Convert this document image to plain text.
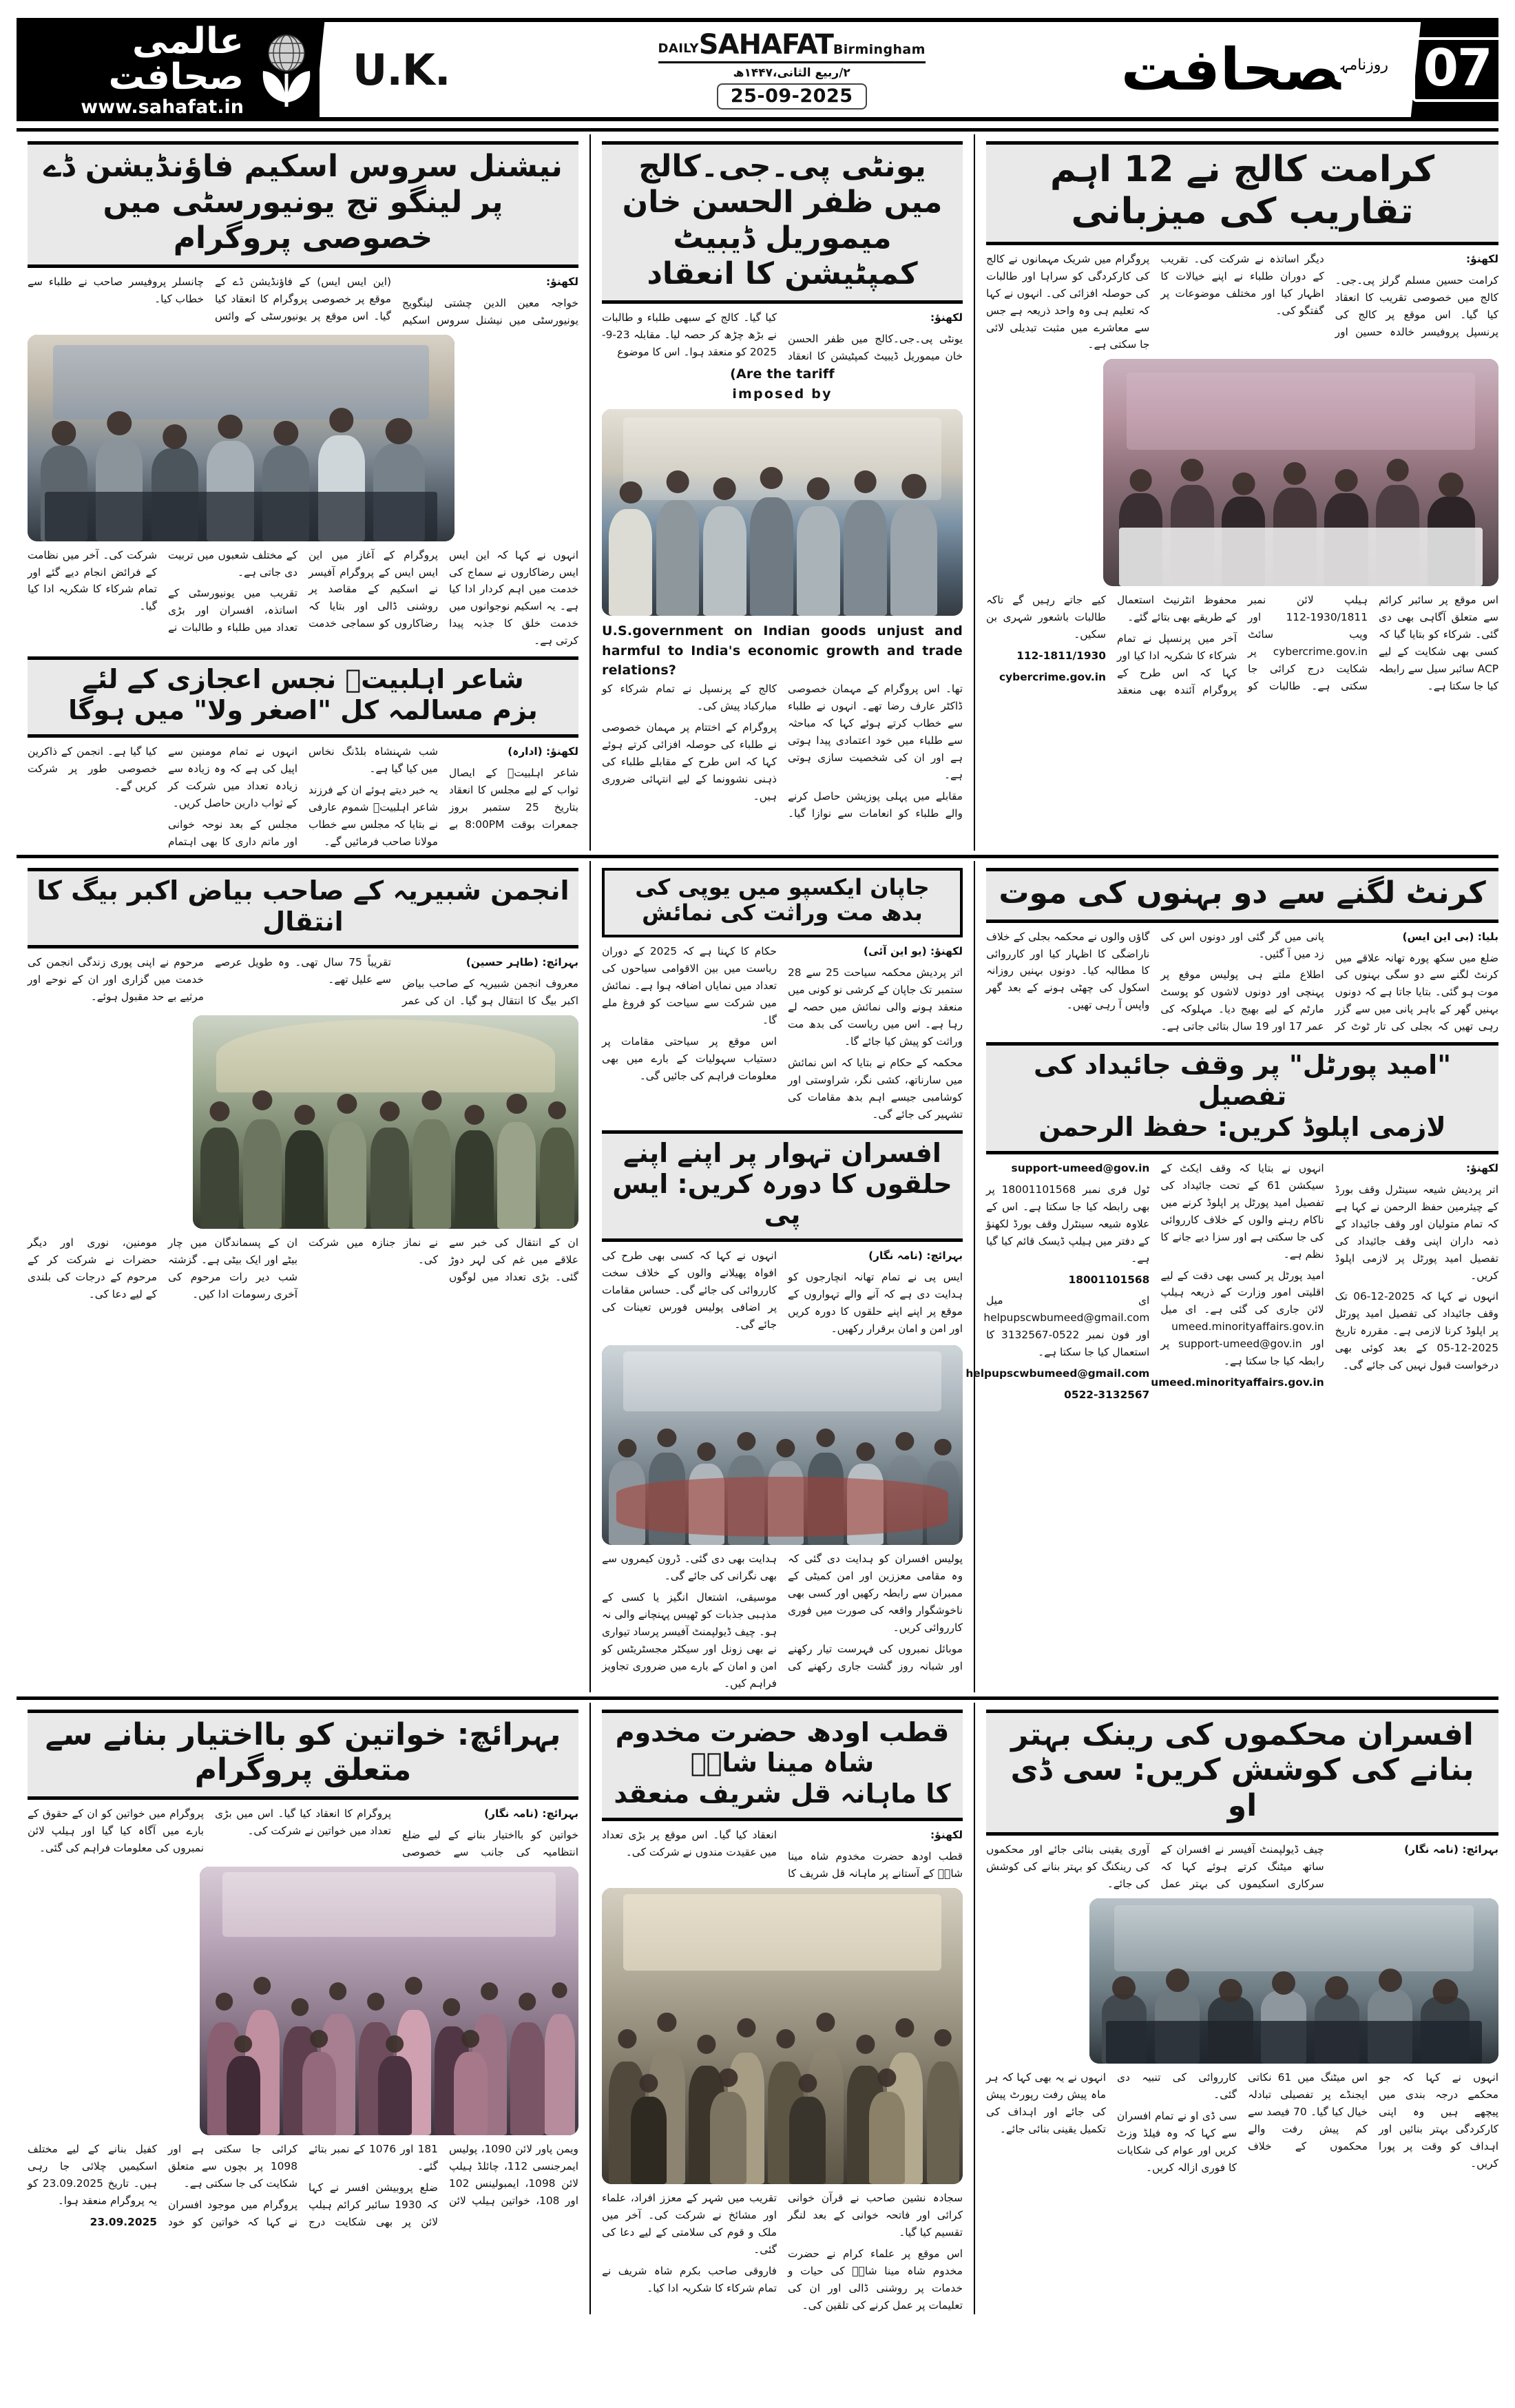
07
$^{روزنامہ}$صحافت
DAILYSAHAFATBirmingham
۲/ربیع الثانی،۱۴۴۷ھ
25-09-2025
U.K.
عالمی صحافت
www.sahafat.in
کرامت کالج نے 12 اہم تقاریب کی میزبانی

لکھنؤ:

کرامت حسین مسلم گرلز پی۔جی۔کالج میں خصوصی تقریب کا انعقاد کیا گیا۔ اس موقع پر کالج کی پرنسپل پروفیسر خالدہ حسین اور دیگر اساتذہ نے شرکت کی۔ تقریب کے دوران طلباء نے اپنے خیالات کا اظہار کیا اور مختلف موضوعات پر گفتگو کی۔

پروگرام میں شریک مہمانوں نے کالج کی کارکردگی کو سراہا اور طالبات کی حوصلہ افزائی کی۔ انہوں نے کہا کہ تعلیم ہی وہ واحد ذریعہ ہے جس سے معاشرے میں مثبت تبدیلی لائی جا سکتی ہے۔

اس موقع پر سائبر کرائم سے متعلق آگاہی بھی دی گئی۔ شرکاء کو بتایا گیا کہ کسی بھی شکایت کے لیے ACP سائبر سیل سے رابطہ کیا جا سکتا ہے۔

ہیلپ لائن نمبر 1930/1811-112 اور ویب سائٹ cybercrime.gov.in پر شکایت درج کرائی جا سکتی ہے۔ طالبات کو محفوظ انٹرنیٹ استعمال کے طریقے بھی بتائے گئے۔

آخر میں پرنسپل نے تمام شرکاء کا شکریہ ادا کیا اور کہا کہ اس طرح کے پروگرام آئندہ بھی منعقد کیے جاتے رہیں گے تاکہ طالبات باشعور شہری بن سکیں۔

112-1811/1930

cybercrime.gov.in

یونٹی پی۔جی۔کالج میں ظفر الحسن خان میموریل ڈیبیٹ کمپٹیشن کا انعقاد

لکھنؤ:

یونٹی پی۔جی۔کالج میں ظفر الحسن خان میموریل ڈیبیٹ کمپٹیشن کا انعقاد کیا گیا۔ کالج کے سبھی طلباء و طالبات نے بڑھ چڑھ کر حصہ لیا۔ مقابلہ 23-9-2025 کو منعقد ہوا۔ اس کا موضوع

(Are the tariff
imposed by
U.S.government on Indian goods unjust and harmful to India's economic growth and trade relations?

تھا۔ اس پروگرام کے مہمان خصوصی ڈاکٹر عارف رضا تھے۔ انہوں نے طلباء سے خطاب کرتے ہوئے کہا کہ مباحثہ سے طلباء میں خود اعتمادی پیدا ہوتی ہے اور ان کی شخصیت سازی ہوتی ہے۔

مقابلے میں پہلی پوزیشن حاصل کرنے والے طلباء کو انعامات سے نوازا گیا۔ کالج کے پرنسپل نے تمام شرکاء کو مبارکباد پیش کی۔

پروگرام کے اختتام پر مہمان خصوصی نے طلباء کی حوصلہ افزائی کرتے ہوئے کہا کہ اس طرح کے مقابلے طلباء کی ذہنی نشوونما کے لیے انتہائی ضروری ہیں۔

نیشنل سروس اسکیم فاؤنڈیشن ڈے پر لینگو تج یونیورسٹی میں خصوصی پروگرام

لکھنؤ:

خواجہ معین الدین چشتی لینگویج یونیورسٹی میں نیشنل سروس اسکیم (این ایس ایس) کے فاؤنڈیشن ڈے کے موقع پر خصوصی پروگرام کا انعقاد کیا گیا۔ اس موقع پر یونیورسٹی کے وائس چانسلر پروفیسر صاحب نے طلباء سے خطاب کیا۔

انہوں نے کہا کہ این ایس ایس رضاکاروں نے سماج کی خدمت میں اہم کردار ادا کیا ہے۔ یہ اسکیم نوجوانوں میں خدمت خلق کا جذبہ پیدا کرتی ہے۔

پروگرام کے آغاز میں این ایس ایس کے پروگرام آفیسر نے اسکیم کے مقاصد پر روشنی ڈالی اور بتایا کہ رضاکاروں کو سماجی خدمت کے مختلف شعبوں میں تربیت دی جاتی ہے۔

تقریب میں یونیورسٹی کے اساتذہ، افسران اور بڑی تعداد میں طلباء و طالبات نے شرکت کی۔ آخر میں نظامت کے فرائض انجام دیے گئے اور تمام شرکاء کا شکریہ ادا کیا گیا۔

شاعر اہلبیتؑ نجس اعجازی کے لئے
بزم مسالمہ کل "اصغر ولا" میں ہوگا

لکھنؤ: (ادارہ)

شاعر اہلبیتؑ کے ایصال ثواب کے لیے مجلس کا انعقاد بتاریخ 25 ستمبر بروز جمعرات بوقت 8:00PM بے شب شہنشاہ بلڈنگ نخاس میں کیا گیا ہے۔

یہ خبر دیتے ہوئے ان کے فرزند شاعر اہلبیتؑ شموم عارفی نے بتایا کہ مجلس سے خطاب مولانا صاحب فرمائیں گے۔

انہوں نے تمام مومنین سے اپیل کی ہے کہ وہ زیادہ سے زیادہ تعداد میں شرکت کر کے ثواب دارین حاصل کریں۔

مجلس کے بعد نوحہ خوانی اور ماتم داری کا بھی اہتمام کیا گیا ہے۔ انجمن کے ذاکرین خصوصی طور پر شرکت کریں گے۔

کرنٹ لگنے سے دو بہنوں کی موت

بلیا: (بی این ایس)

ضلع میں سکھ پورہ تھانہ علاقے میں کرنٹ لگنے سے دو سگی بہنوں کی موت ہو گئی۔ بتایا جاتا ہے کہ دونوں بہنیں گھر کے باہر پانی میں سے گزر رہی تھیں کہ بجلی کی تار ٹوٹ کر پانی میں گر گئی اور دونوں اس کی زد میں آ گئیں۔

اطلاع ملتے ہی پولیس موقع پر پہنچی اور دونوں لاشوں کو پوسٹ مارٹم کے لیے بھیج دیا۔ مہلوکہ کی عمر 17 اور 19 سال بتائی جاتی ہے۔

گاؤں والوں نے محکمہ بجلی کے خلاف ناراضگی کا اظہار کیا اور کارروائی کا مطالبہ کیا۔ دونوں بہنیں روزانہ اسکول کی چھٹی ہونے کے بعد گھر واپس آ رہی تھیں۔

"امید پورٹل" پر وقف جائیداد کی تفصیل
لازمی اپلوڈ کریں: حفظ الرحمن

لکھنؤ:

اتر پردیش شیعہ سینٹرل وقف بورڈ کے چیئرمین حفظ الرحمن نے کہا ہے کہ تمام متولیان اور وقف جائیداد کے ذمہ داران اپنی وقف جائیداد کی تفصیل امید پورٹل پر لازمی اپلوڈ کریں۔

انہوں نے کہا کہ 2025-12-06 تک وقف جائیداد کی تفصیل امید پورٹل پر اپلوڈ کرنا لازمی ہے۔ مقررہ تاریخ 2025-12-05 کے بعد کوئی بھی درخواست قبول نہیں کی جائے گی۔

انہوں نے بتایا کہ وقف ایکٹ کے سیکشن 61 کے تحت جائیداد کی تفصیل امید پورٹل پر اپلوڈ کرنے میں ناکام رہنے والوں کے خلاف کارروائی کی جا سکتی ہے اور سزا دیے جانے کا نظم ہے۔

امید پورٹل پر کسی بھی دقت کے لیے اقلیتی امور وزارت کے ذریعہ ہیلپ لائن جاری کی گئی ہے۔ ای میل umeed.minorityaffairs.gov.in اور support-umeed@gov.in پر رابطہ کیا جا سکتا ہے۔

umeed.minorityaffairs.gov.in

support-umeed@gov.in

ٹول فری نمبر 18001101568 پر بھی رابطہ کیا جا سکتا ہے۔ اس کے علاوہ شیعہ سینٹرل وقف بورڈ لکھنؤ کے دفتر میں ہیلپ ڈیسک قائم کیا گیا ہے۔

18001101568

ای میل helpupscwbumeed@gmail.com اور فون نمبر 0522-3132567 کا استعمال کیا جا سکتا ہے۔

helpupscwbumeed@gmail.com

0522-3132567

جاپان ایکسپو میں یوپی کی بدھ مت وراثت کی نمائش

لکھنؤ: (یو این آئی)

اتر پردیش محکمہ سیاحت 25 سے 28 ستمبر تک جاپان کے کرشی نو کونی میں منعقد ہونے والی نمائش میں حصہ لے رہا ہے۔ اس میں ریاست کی بدھ مت وراثت کو پیش کیا جائے گا۔

محکمہ کے حکام نے بتایا کہ اس نمائش میں سارناتھ، کشی نگر، شراوستی اور کوشامبی جیسے اہم بدھ مقامات کی تشہیر کی جائے گی۔

حکام کا کہنا ہے کہ 2025 کے دوران ریاست میں بین الاقوامی سیاحوں کی تعداد میں نمایاں اضافہ ہوا ہے۔ نمائش میں شرکت سے سیاحت کو فروغ ملے گا۔

اس موقع پر سیاحتی مقامات پر دستیاب سہولیات کے بارے میں بھی معلومات فراہم کی جائیں گی۔

افسران تہوار پر اپنے اپنے حلقوں کا دورہ کریں: ایس پی

بہرائچ: (نامہ نگار)

ایس پی نے تمام تھانہ انچارجوں کو ہدایت دی ہے کہ آنے والے تہواروں کے موقع پر اپنے اپنے حلقوں کا دورہ کریں اور امن و امان برقرار رکھیں۔

انہوں نے کہا کہ کسی بھی طرح کی افواہ پھیلانے والوں کے خلاف سخت کارروائی کی جائے گی۔ حساس مقامات پر اضافی پولیس فورس تعینات کی جائے گی۔

پولیس افسران کو ہدایت دی گئی کہ وہ مقامی معززین اور امن کمیٹی کے ممبران سے رابطہ رکھیں اور کسی بھی ناخوشگوار واقعہ کی صورت میں فوری کارروائی کریں۔

موبائل نمبروں کی فہرست تیار رکھنے اور شبانہ روز گشت جاری رکھنے کی ہدایت بھی دی گئی۔ ڈرون کیمروں سے بھی نگرانی کی جائے گی۔

موسیقی، اشتعال انگیز یا کسی کے مذہبی جذبات کو ٹھیس پہنچانے والی نہ ہو۔ چیف ڈیولپمنٹ آفیسر پرساد تیواری نے بھی زونل اور سیکٹر مجسٹریٹس کو امن و امان کے بارے میں ضروری تجاویز فراہم کیں۔

انجمن شبیریہ کے صاحب بیاض اکبر بیگ کا انتقال

بہرائچ: (طاہر حسین)

معروف انجمن شبیریہ کے صاحب بیاض اکبر بیگ کا انتقال ہو گیا۔ ان کی عمر تقریباً 75 سال تھی۔ وہ طویل عرصے سے علیل تھے۔

مرحوم نے اپنی پوری زندگی انجمن کی خدمت میں گزاری اور ان کے نوحے اور مرثیے بے حد مقبول ہوئے۔

ان کے انتقال کی خبر سے علاقے میں غم کی لہر دوڑ گئی۔ بڑی تعداد میں لوگوں نے نماز جنازہ میں شرکت کی۔

ان کے پسماندگان میں چار بیٹے اور ایک بیٹی ہے۔ گزشتہ شب دیر رات مرحوم کی آخری رسومات ادا کیں۔

مومنین، نوری اور دیگر حضرات نے شرکت کر کے مرحوم کے درجات کی بلندی کے لیے دعا کی۔

افسران محکموں کی رینک بہتر بنانے کی کوشش کریں: سی ڈی او

بہرائچ: (نامہ نگار)

چیف ڈیولپمنٹ آفیسر نے افسران کے ساتھ میٹنگ کرتے ہوئے کہا کہ سرکاری اسکیموں کی بہتر عمل آوری یقینی بنائی جائے اور محکموں کی رینکنگ کو بہتر بنانے کی کوشش کی جائے۔

انہوں نے کہا کہ جو محکمے درجہ بندی میں پیچھے ہیں وہ اپنی کارکردگی بہتر بنائیں اور اہداف کو وقت پر پورا کریں۔

اس میٹنگ میں 61 نکاتی ایجنڈے پر تفصیلی تبادلہ خیال کیا گیا۔ 70 فیصد سے کم پیش رفت والے محکموں کے خلاف کارروائی کی تنبیہ دی گئی۔

سی ڈی او نے تمام افسران سے کہا کہ وہ فیلڈ وزٹ کریں اور عوام کی شکایات کا فوری ازالہ کریں۔

انہوں نے یہ بھی کہا کہ ہر ماہ پیش رفت رپورٹ پیش کی جائے اور اہداف کی تکمیل یقینی بنائی جائے۔

قطب اودھ حضرت مخدوم شاہ مینا شاہؒ
کا ماہانہ قل شریف منعقد

لکھنؤ:

قطب اودھ حضرت مخدوم شاہ مینا شاہؒ کے آستانے پر ماہانہ قل شریف کا انعقاد کیا گیا۔ اس موقع پر بڑی تعداد میں عقیدت مندوں نے شرکت کی۔

سجادہ نشین صاحب نے قرآن خوانی کرائی اور فاتحہ خوانی کے بعد لنگر تقسیم کیا گیا۔

اس موقع پر علماء کرام نے حضرت مخدوم شاہ مینا شاہؒ کی حیات و خدمات پر روشنی ڈالی اور ان کی تعلیمات پر عمل کرنے کی تلقین کی۔

تقریب میں شہر کے معزز افراد، علماء اور مشائخ نے شرکت کی۔ آخر میں ملک و قوم کی سلامتی کے لیے دعا کی گئی۔

فاروقی صاحب بکرم شاہ شریف نے تمام شرکاء کا شکریہ ادا کیا۔

بہرائچ: خواتین کو بااختیار بنانے سے متعلق پروگرام

بہرائچ: (نامہ نگار)

خواتین کو بااختیار بنانے کے لیے ضلع انتظامیہ کی جانب سے خصوصی پروگرام کا انعقاد کیا گیا۔ اس میں بڑی تعداد میں خواتین نے شرکت کی۔

پروگرام میں خواتین کو ان کے حقوق کے بارے میں آگاہ کیا گیا اور ہیلپ لائن نمبروں کی معلومات فراہم کی گئی۔

ویمن پاور لائن 1090، پولیس ایمرجنسی 112، چائلڈ ہیلپ لائن 1098، ایمبولینس 102 اور 108، خواتین ہیلپ لائن 181 اور 1076 کے نمبر بتائے گئے۔

ضلع پروبیشن افسر نے کہا کہ 1930 سائبر کرائم ہیلپ لائن پر بھی شکایت درج کرائی جا سکتی ہے اور 1098 پر بچوں سے متعلق شکایت کی جا سکتی ہے۔

پروگرام میں موجود افسران نے کہا کہ خواتین کو خود کفیل بنانے کے لیے مختلف اسکیمیں چلائی جا رہی ہیں۔ تاریخ 23.09.2025 کو یہ پروگرام منعقد ہوا۔

23.09.2025
